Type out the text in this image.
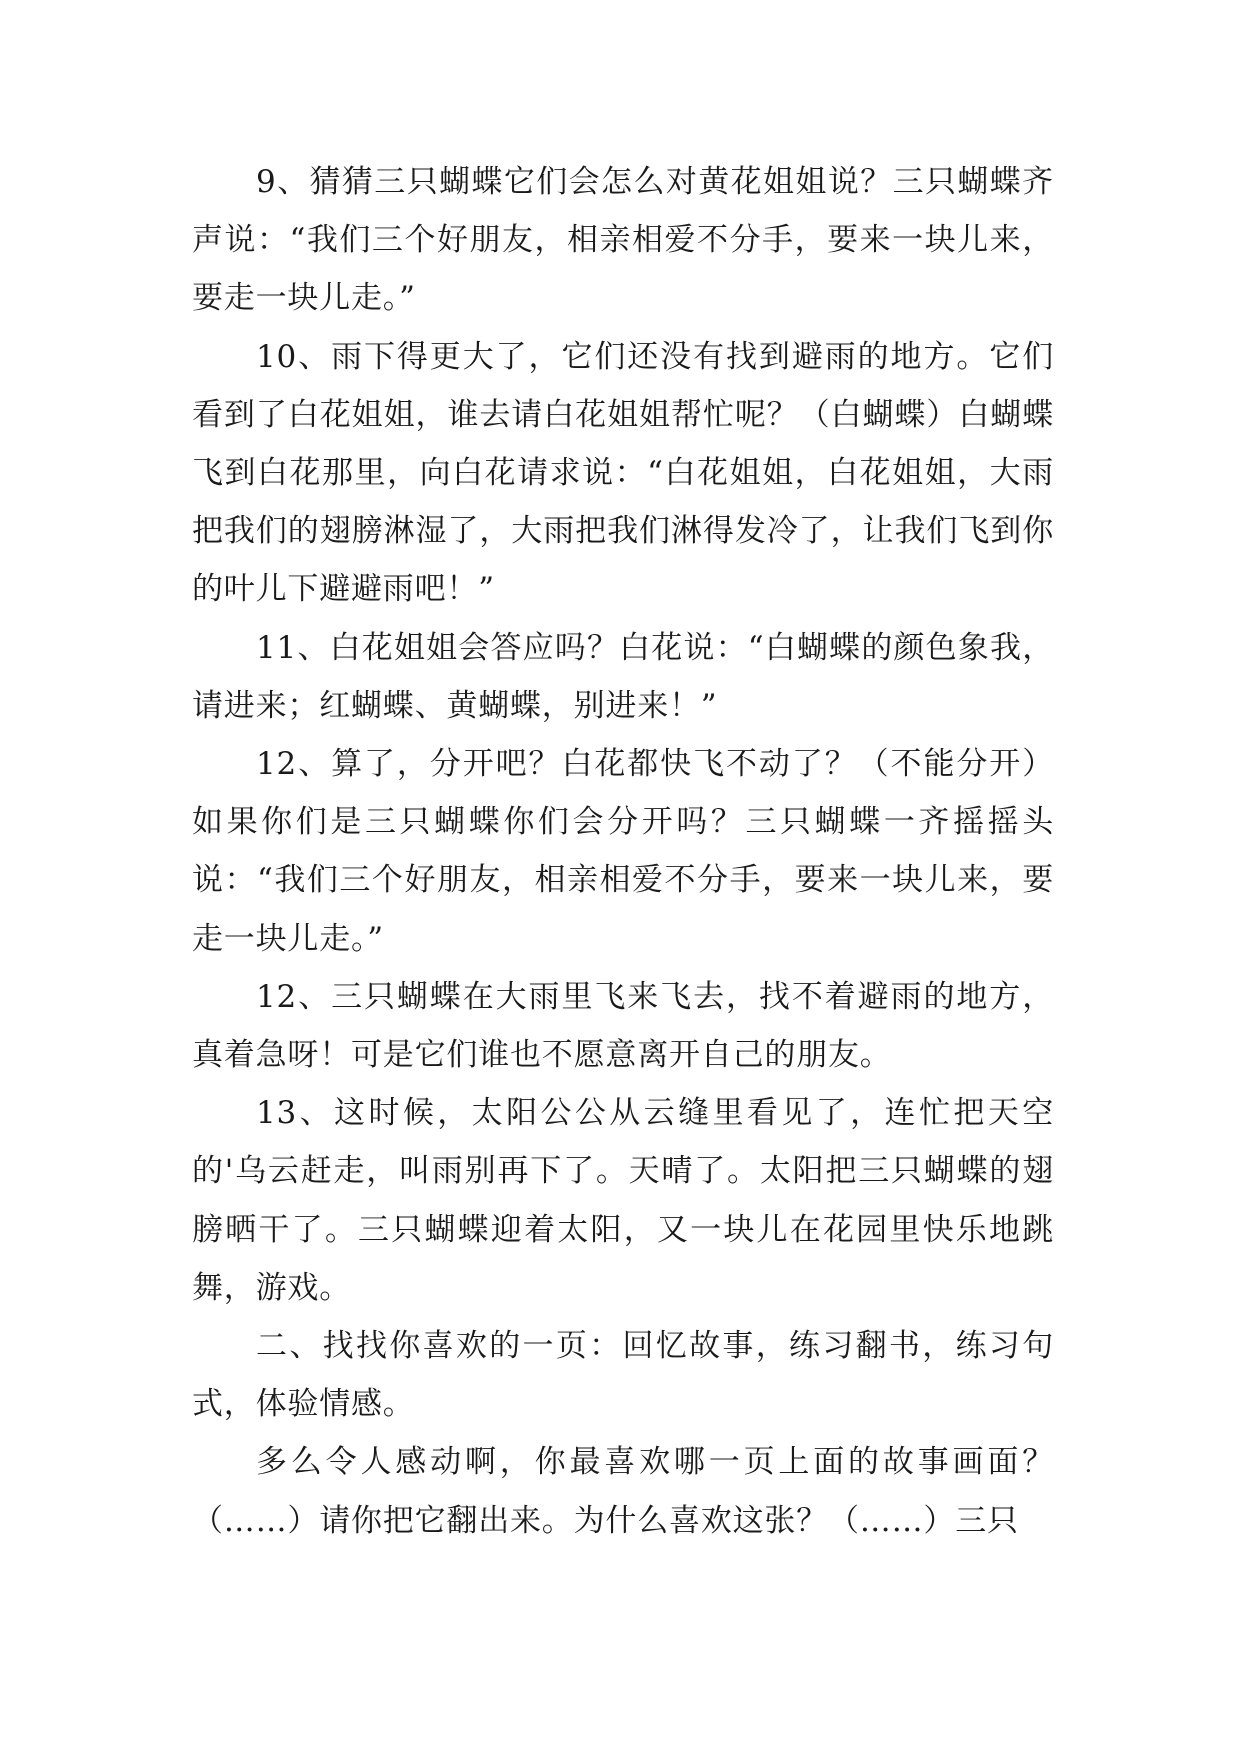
9、猜猜三只蝴蝶它们会怎么对黄花姐姐说？三只蝴蝶齐声说：“我们三个好朋友，相亲相爱不分手，要来一块儿来，要走一块儿走。”

10、雨下得更大了，它们还没有找到避雨的地方。它们看到了白花姐姐，谁去请白花姐姐帮忙呢？（白蝴蝶）白蝴蝶飞到白花那里，向白花请求说：“白花姐姐，白花姐姐，大雨把我们的翅膀淋湿了，大雨把我们淋得发冷了，让我们飞到你的叶儿下避避雨吧！”

11、白花姐姐会答应吗？白花说：“白蝴蝶的颜色象我，请进来；红蝴蝶、黄蝴蝶，别进来！”

12、算了，分开吧？白花都快飞不动了？（不能分开）如果你们是三只蝴蝶你们会分开吗？三只蝴蝶一齐摇摇头说：“我们三个好朋友，相亲相爱不分手，要来一块儿来，要走一块儿走。”

12、三只蝴蝶在大雨里飞来飞去，找不着避雨的地方，真着急呀！可是它们谁也不愿意离开自己的朋友。

13、这时候，太阳公公从云缝里看见了，连忙把天空的'乌云赶走，叫雨别再下了。天晴了。太阳把三只蝴蝶的翅膀晒干了。三只蝴蝶迎着太阳，又一块儿在花园里快乐地跳舞，游戏。

二、找找你喜欢的一页：回忆故事，练习翻书，练习句式，体验情感。

多么令人感动啊，你最喜欢哪一页上面的故事画面？（……）请你把它翻出来。为什么喜欢这张？（……）三只
